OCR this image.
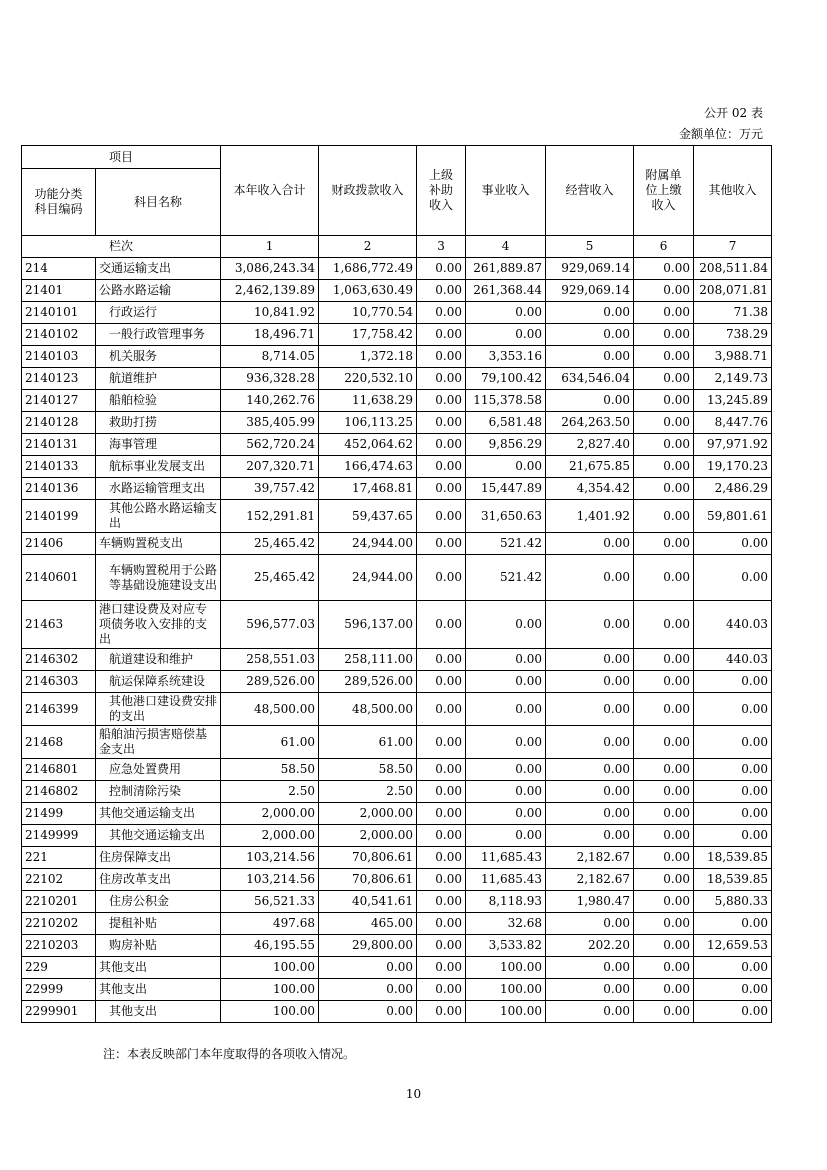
公开 02 表
金额单位：万元
项目		本年收入合计	财政拨款收入	上级补助收入	事业收入	经营收入	附属单位上缴收入	其他收入
功能分类科目编码	科目名称							
栏次		1	2	3	4	5	6	7
214	交通运输支出	3,086,243.34	1,686,772.49	0.00	261,889.87	929,069.14	0.00	208,511.84
21401	公路水路运输	2,462,139.89	1,063,630.49	0.00	261,368.44	929,069.14	0.00	208,071.81
2140101	行政运行	10,841.92	10,770.54	0.00	0.00	0.00	0.00	71.38
2140102	一般行政管理事务	18,496.71	17,758.42	0.00	0.00	0.00	0.00	738.29
2140103	机关服务	8,714.05	1,372.18	0.00	3,353.16	0.00	0.00	3,988.71
2140123	航道维护	936,328.28	220,532.10	0.00	79,100.42	634,546.04	0.00	2,149.73
2140127	船舶检验	140,262.76	11,638.29	0.00	115,378.58	0.00	0.00	13,245.89
2140128	救助打捞	385,405.99	106,113.25	0.00	6,581.48	264,263.50	0.00	8,447.76
2140131	海事管理	562,720.24	452,064.62	0.00	9,856.29	2,827.40	0.00	97,971.92
2140133	航标事业发展支出	207,320.71	166,474.63	0.00	0.00	21,675.85	0.00	19,170.23
2140136	水路运输管理支出	39,757.42	17,468.81	0.00	15,447.89	4,354.42	0.00	2,486.29
2140199	其他公路水路运输支出	152,291.81	59,437.65	0.00	31,650.63	1,401.92	0.00	59,801.61
21406	车辆购置税支出	25,465.42	24,944.00	0.00	521.42	0.00	0.00	0.00
2140601	车辆购置税用于公路等基础设施建设支出	25,465.42	24,944.00	0.00	521.42	0.00	0.00	0.00
21463	港口建设费及对应专项债务收入安排的支出	596,577.03	596,137.00	0.00	0.00	0.00	0.00	440.03
2146302	航道建设和维护	258,551.03	258,111.00	0.00	0.00	0.00	0.00	440.03
2146303	航运保障系统建设	289,526.00	289,526.00	0.00	0.00	0.00	0.00	0.00
2146399	其他港口建设费安排的支出	48,500.00	48,500.00	0.00	0.00	0.00	0.00	0.00
21468	船舶油污损害赔偿基金支出	61.00	61.00	0.00	0.00	0.00	0.00	0.00
2146801	应急处置费用	58.50	58.50	0.00	0.00	0.00	0.00	0.00
2146802	控制清除污染	2.50	2.50	0.00	0.00	0.00	0.00	0.00
21499	其他交通运输支出	2,000.00	2,000.00	0.00	0.00	0.00	0.00	0.00
2149999	其他交通运输支出	2,000.00	2,000.00	0.00	0.00	0.00	0.00	0.00
221	住房保障支出	103,214.56	70,806.61	0.00	11,685.43	2,182.67	0.00	18,539.85
22102	住房改革支出	103,214.56	70,806.61	0.00	11,685.43	2,182.67	0.00	18,539.85
2210201	住房公积金	56,521.33	40,541.61	0.00	8,118.93	1,980.47	0.00	5,880.33
2210202	提租补贴	497.68	465.00	0.00	32.68	0.00	0.00	0.00
2210203	购房补贴	46,195.55	29,800.00	0.00	3,533.82	202.20	0.00	12,659.53
229	其他支出	100.00	0.00	0.00	100.00	0.00	0.00	0.00
22999	其他支出	100.00	0.00	0.00	100.00	0.00	0.00	0.00
2299901	其他支出	100.00	0.00	0.00	100.00	0.00	0.00	0.00
注：本表反映部门本年度取得的各项收入情况。
10
